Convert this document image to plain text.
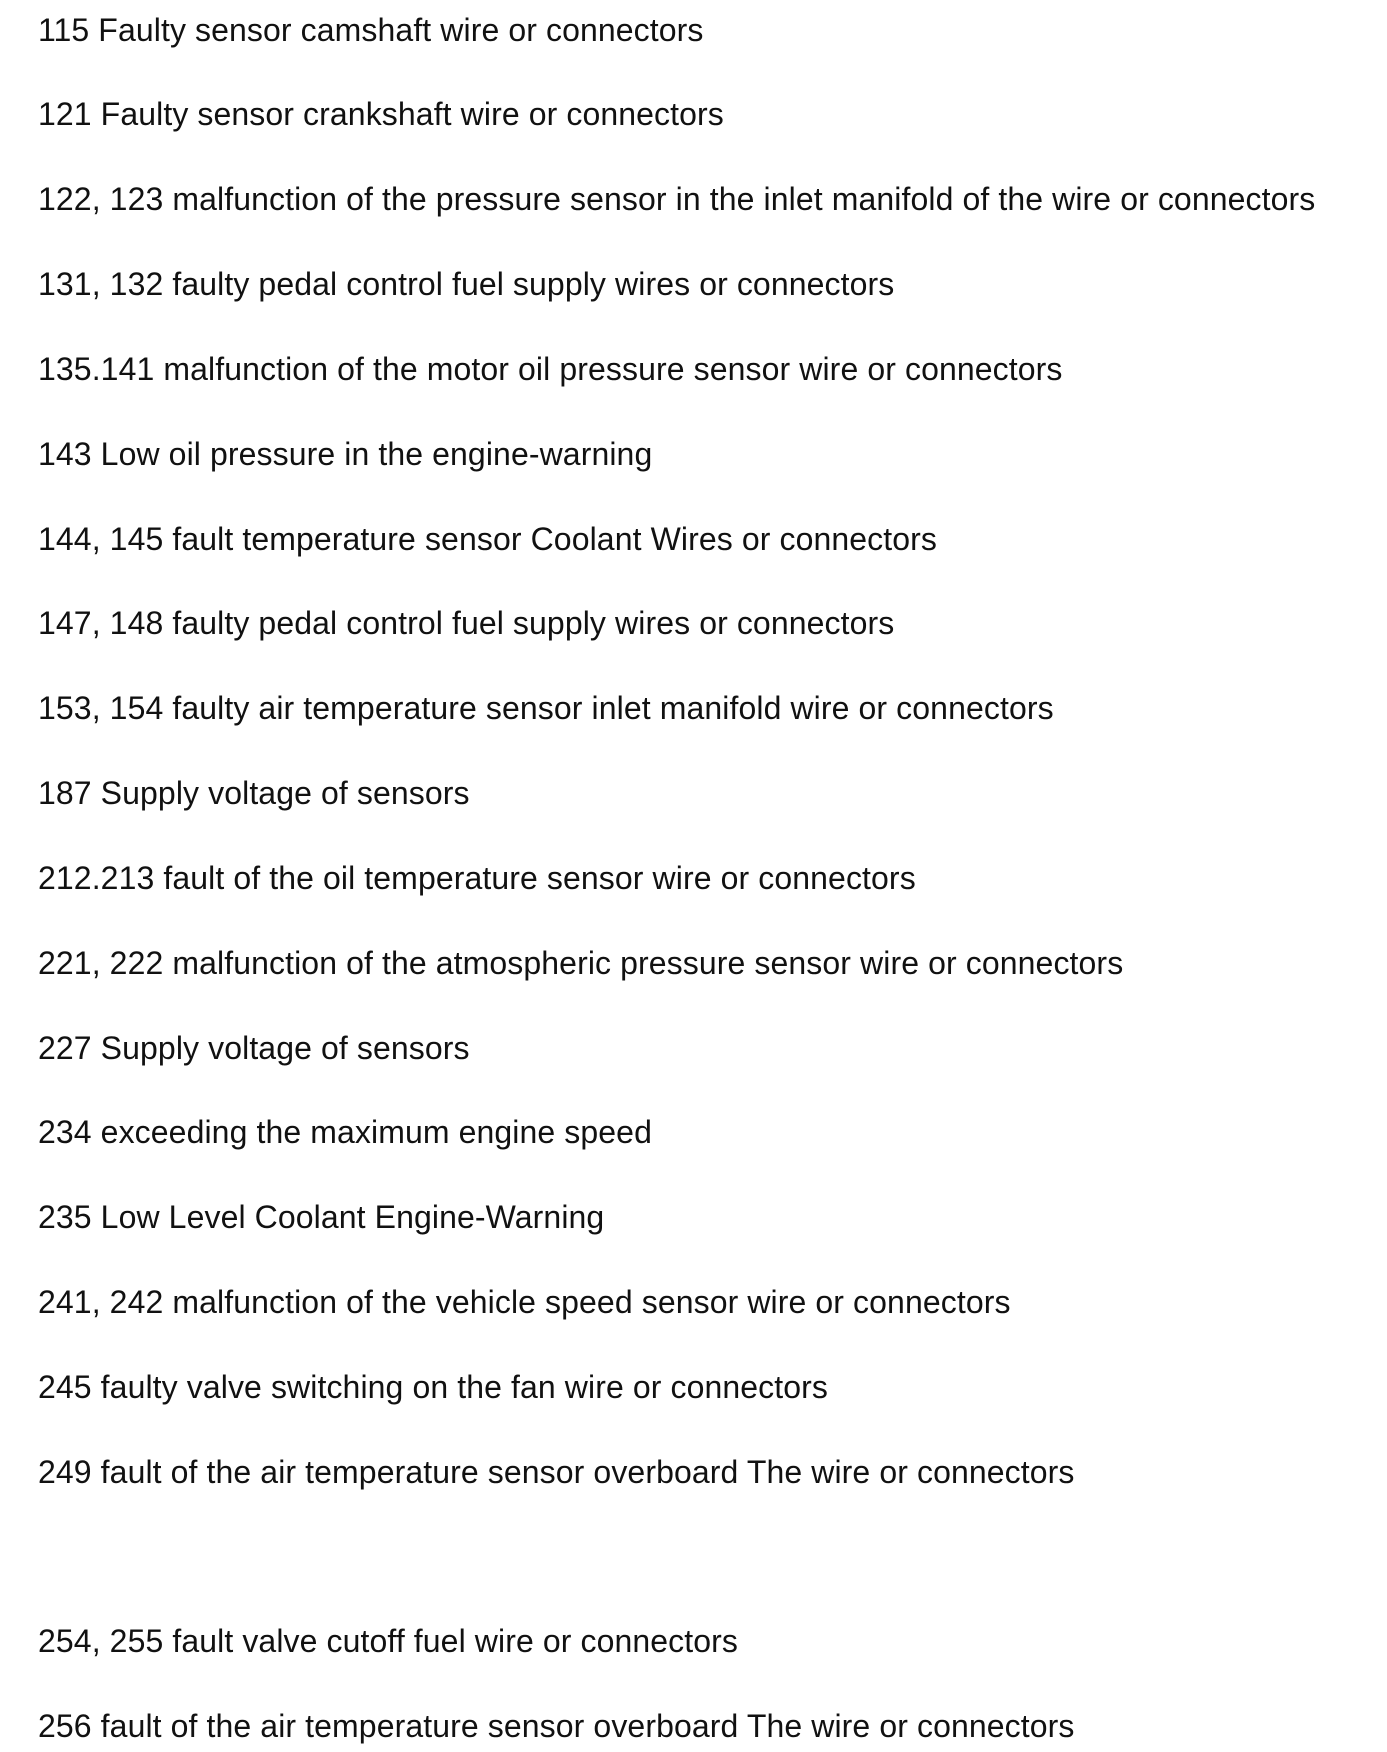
115 Faulty sensor camshaft wire or connectors
121 Faulty sensor crankshaft wire or connectors
122, 123 malfunction of the pressure sensor in the inlet manifold of the wire or connectors
131, 132 faulty pedal control fuel supply wires or connectors
135.141 malfunction of the motor oil pressure sensor wire or connectors
143 Low oil pressure in the engine-warning
144, 145 fault temperature sensor Coolant Wires or connectors
147, 148 faulty pedal control fuel supply wires or connectors
153, 154 faulty air temperature sensor inlet manifold wire or connectors
187 Supply voltage of sensors
212.213 fault of the oil temperature sensor wire or connectors
221, 222 malfunction of the atmospheric pressure sensor wire or connectors
227 Supply voltage of sensors
234 exceeding the maximum engine speed
235 Low Level Coolant Engine-Warning
241, 242 malfunction of the vehicle speed sensor wire or connectors
245 faulty valve switching on the fan wire or connectors
249 fault of the air temperature sensor overboard The wire or connectors
254, 255 fault valve cutoff fuel wire or connectors
256 fault of the air temperature sensor overboard The wire or connectors
